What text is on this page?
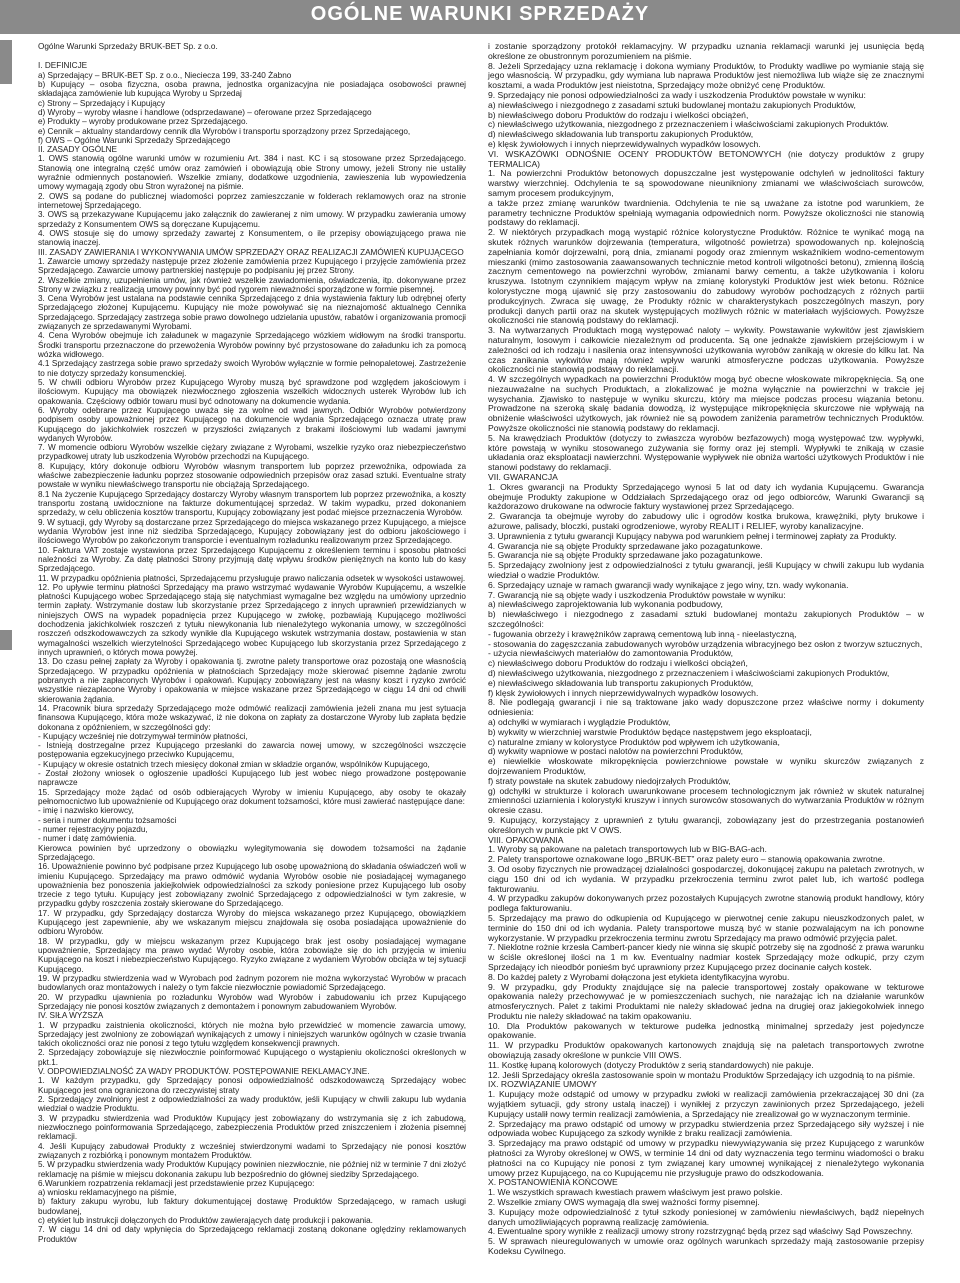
OGÓLNE WARUNKI SPRZEDAŻY

Ogólne Warunki Sprzedaży BRUK-BET Sp. z o.o.

I. DEFINICJE

a) Sprzedający – BRUK-BET Sp. z o.o., Nieciecza 199, 33-240 Żabno

b) Kupujący – osoba fizyczna, osoba prawna, jednostka organizacyjna nie posiadająca osobowości prawnej składająca zamówienie lub kupująca Wyroby u Sprzedaj

c) Strony – Sprzedający i Kupujący

d) Wyroby – wyroby własne i handlowe (odsprzedawane) – oferowane przez Sprzedającego

e) Produkty – wyroby produkowane przez Sprzedającego.

e) Cennik – aktualny standardowy cennik dla Wyrobów i transportu sporządzony przez Sprzedającego,

f) OWS – Ogólne Warunki Sprzedaży Sprzedającego

II. ZASADY OGÓLNE

1. OWS stanowią ogólne warunki umów w rozumieniu Art. 384 i nast. KC i są stosowane przez Sprzedającego. Stanowią one integralną część umów oraz zamówień i obowiązują obie Strony umowy, jeżeli Strony nie ustaliły wyraźnie odmiennych postanowień. Wszelkie zmiany, dodatkowe uzgodnienia, zawieszenia lub wypowiedzenia umowy wymagają zgody obu Stron wyrażonej na piśmie.

2. OWS są podane do publicznej wiadomości poprzez zamieszczanie w folderach reklamowych oraz na stronie internetowej Sprzedającego.

3. OWS są przekazywane Kupującemu jako załącznik do zawieranej z nim umowy. W przypadku zawierania umowy sprzedaży z Konsumentem OWS są doręczane Kupującemu.

4. OWS stosuje się do umowy sprzedaży zawartej z Konsumentem, o ile przepisy obowiązującego prawa nie stanowią inaczej.

III. ZASADY ZAWIERANIA I WYKONYWANIA UMÓW SPRZEDAŻY ORAZ REALIZACJI ZAMÓWIEŃ KUPUJĄCEGO

1. Zawarcie umowy sprzedaży następuje przez złożenie zamówienia przez Kupującego i przyjęcie zamówienia przez Sprzedającego. Zawarcie umowy partnerskiej następuje po podpisaniu jej przez Strony.

2. Wszelkie zmiany, uzupełnienia umów, jak również wszelkie zawiadomienia, oświadczenia, itp. dokonywane przez Strony w związku z realizacją umowy powinny być pod rygorem nieważności sporządzone w formie pisemnej.

3. Cena Wyrobów jest ustalana na podstawie cennika Sprzedającego z dnia wystawienia faktury lub odrębnej oferty Sprzedającego złożonej Kupującemu. Kupujący nie może powoływać się na nieznajomość aktualnego Cennika Sprzedającego. Sprzedający zastrzega sobie prawo dowolnego udzielania upustów, rabatów i organizowania promocji związanych ze sprzedawanymi Wyrobami.

4. Cena Wyrobów obejmuje ich załadunek w magazynie Sprzedającego wózkiem widłowym na środki transportu. Środki transportu przeznaczone do przewożenia Wyrobów powinny być przystosowane do załadunku ich za pomocą wózka widłowego.

4.1 Sprzedający zastrzega sobie prawo sprzedaży swoich Wyrobów wyłącznie w formie pełnopaletowej. Zastrzeżenie to nie dotyczy sprzedaży konsumenckiej.

5. W chwili odbioru Wyrobów przez Kupującego Wyroby muszą być sprawdzone pod względem jakościowym i ilościowym. Kupujący ma obowiązek niezwłocznego zgłoszenia wszelkich widocznych usterek Wyrobów lub ich opakowania. Częściowy odbiór towaru musi być odnotowany na dokumencie wydania.

6. Wyroby odebrane przez Kupującego uważa się za wolne od wad jawnych. Odbiór Wyrobów potwierdzony podpisem osoby upoważnionej przez Kupującego na dokumencie wydania Sprzedającego oznacza utratę praw Kupującego do jakichkolwiek roszczeń w przyszłości związanych z brakami ilościowymi lub wadami jawnymi wydanych Wyrobów.

7. W momencie odbioru Wyrobów wszelkie ciężary związane z Wyrobami, wszelkie ryzyko oraz niebezpieczeństwo przypadkowej utraty lub uszkodzenia Wyrobów przechodzi na Kupującego.

8. Kupujący, który dokonuje odbioru Wyrobów własnym transportem lub poprzez przewoźnika, odpowiada za właściwe zabezpieczenie ładunku poprzez stosowanie odpowiednich przepisów oraz zasad sztuki. Eventualne straty powstałe w wyniku niewłaściwego transportu nie obciążają Sprzedającego.

8.1 Na życzenie Kupującego Sprzedający dostarczy Wyroby własnym transportem lub poprzez przewoźnika, a koszty transportu zostaną uwidocznione na fakturze dokumentującej sprzedaż. W takim wypadku, przed dokonaniem sprzedaży, w celu obliczenia kosztów transportu, Kupujący zobowiązany jest podać miejsce przeznaczenia Wyrobów.

9. W sytuacji, gdy Wyroby są dostarczane przez Sprzedającego do miejsca wskazanego przez Kupującego, a miejsce wydania Wyrobów jest inne niż siedziba Sprzedającego, Kupujący zobowiązany jest do odbioru jakościowego i ilościowego Wyrobów po zakończonym transporcie i eventualnym rozładunku realizowanym przez Sprzedającego.

10. Faktura VAT zostaje wystawiona przez Sprzedającego Kupującemu z określeniem terminu i sposobu płatności należności za Wyroby. Za datę płatności Strony przyjmują datę wpływu środków pieniężnych na konto lub do kasy Sprzedającego.

11. W przypadku opóźnienia płatności, Sprzedającemu przysługuje prawo naliczania odsetek w wysokości ustawowej.

12. Po upływie terminu płatności Sprzedający ma prawo wstrzymać wydawanie Wyrobów Kupującemu, a wszelkie płatności Kupującego wobec Sprzedającego stają się natychmiast wymagalne bez względu na umówiony uprzednio termin zapłaty. Wstrzymanie dostaw lub skorzystanie przez Sprzedającego z innych uprawnień przewidzianych w niniejszych OWS na wypadek popadnięcia przez Kupującego w zwłokę, pozbawiają Kupującego możliwości dochodzenia jakichkolwiek roszczeń z tytułu niewykonania lub nienależytego wykonania umowy, w szczególności roszczeń odszkodowawczych za szkody wynikłe dla Kupującego wskutek wstrzymania dostaw, postawienia w stan wymagalności wszelkich wierzytelności Sprzedającego wobec Kupującego lub skorzystania przez Sprzedającego z innych uprawnień, o których mowa powyżej.

13. Do czasu pełnej zapłaty za Wyroby i opakowania tj. zwrotne palety transportowe oraz pozostają one własnością Sprzedającego. W przypadku opóźnienia w płatnościach Sprzedający może skierować pisemne żądanie zwrotu pobranych a nie zapłaconych Wyrobów i opakowań. Kupujący zobowiązany jest na własny koszt i ryzyko zwrócić wszystkie niezapłacone Wyroby i opakowania w miejsce wskazane przez Sprzedającego w ciągu 14 dni od chwili skierowania żądania.

14. Pracownik biura sprzedaży Sprzedającego może odmówić realizacji zamówienia jeżeli znana mu jest sytuacja finansowa Kupującego, która może wskazywać, iż nie dokona on zapłaty za dostarczone Wyroby lub zapłata będzie dokonana z opóźnieniem, w szczególności gdy:

- Kupujący wcześniej nie dotrzymywał terminów płatności,

- Istnieją dostrzegalne przez Kupującego przesłanki do zawarcia nowej umowy, w szczególności wszczęcie postępowania egzekucyjnego przeciwko Kupującemu,

- Kupujący w okresie ostatnich trzech miesięcy dokonał zmian w składzie organów, wspólników Kupującego,

- Został złożony wniosek o ogłoszenie upadłości Kupującego lub jest wobec niego prowadzone postępowanie naprawcze

15. Sprzedający może żądać od osób odbierających Wyroby w imieniu Kupującego, aby osoby te okazały pełnomocnictwo lub upoważnienie od Kupującego oraz dokument tożsamości, które musi zawierać następujące dane:

- imię i nazwisko kierowcy,

- seria i numer dokumentu tożsamości

- numer rejestracyjny pojazdu,

- numer i datę zamówienia.

Kierowca powinien być uprzedzony o obowiązku wylegitymowania się dowodem tożsamości na żądanie Sprzedającego.

16. Upoważnienie powinno być podpisane przez Kupującego lub osobę upoważnioną do składania oświadczeń woli w imieniu Kupującego. Sprzedający ma prawo odmówić wydania Wyrobów osobie nie posiadającej wymaganego upoważnienia bez ponoszenia jakiejkolwiek odpowiedzialności za szkody poniesione przez Kupującego lub osoby trzecie z tego tytułu. Kupujący jest zobowiązany zwolnić Sprzedającego z odpowiedzialności w tym zakresie, w przypadku gdyby roszczenia zostały skierowane do Sprzedającego.

17. W przypadku, gdy Sprzedający dostarcza Wyroby do miejsca wskazanego przez Kupującego, obowiązkiem Kupującego jest zapewnienie, aby we wskazanym miejscu znajdowała się osoba posiadająca upoważnienie do odbioru Wyrobów.

18. W przypadku, gdy w miejscu wskazanym przez Kupującego brak jest osoby posiadającej wymagane upoważnienie, Sprzedający ma prawo wydać Wyroby osobie, która zobowiąże się do ich przyjęcia w imieniu Kupującego na koszt i niebezpieczeństwo Kupującego. Ryzyko związane z wydaniem Wyrobów obciąża w tej sytuacji Kupującego.

19. W przypadku stwierdzenia wad w Wyrobach pod żadnym pozorem nie można wykorzystać Wyrobów w pracach budowlanych oraz montażowych i należy o tym fakcie niezwłocznie powiadomić Sprzedającego.

20. W przypadku ujawnienia po rozładunku Wyrobów wad Wyrobów i zabudowaniu ich przez Kupującego Sprzedający nie ponosi kosztów związanych z demontażem i ponownym zabudowaniem Wyrobów.

IV. SIŁA WYŻSZA

1. W przypadku zaistnienia okoliczności, których nie można było przewidzieć w momencie zawarcia umowy, Sprzedający jest zwolniony ze zobowiązań wynikających z umowy i niniejszych warunków ogólnych w czasie trwania takich okoliczności oraz nie ponosi z tego tytułu względem konsekwencji prawnych.

2. Sprzedający zobowiązuje się niezwłocznie poinformować Kupującego o wystąpieniu okoliczności określonych w pkt.1.

V. ODPOWIEDZIALNOŚĆ ZA WADY PRODUKTÓW. POSTĘPOWANIE REKLAMACYJNE.

1. W każdym przypadku, gdy Sprzedający ponosi odpowiedzialność odszkodowawczą Sprzedający wobec Kupującego jest ona ograniczona do rzeczywistej straty

2. Sprzedający zwolniony jest z odpowiedzialności za wady produktów, jeśli Kupujący w chwili zakupu lub wydania wiedział o wadzie Produktu.

3. W przypadku stwierdzenia wad Produktów Kupujący jest zobowiązany do wstrzymania się z ich zabudową, niezwłocznego poinformowania Sprzedającego, zabezpieczenia Produktów przed zniszczeniem i złożenia pisemnej reklamacji.

4. Jeśli Kupujący zabudował Produkty z wcześniej stwierdzonymi wadami to Sprzedający nie ponosi kosztów związanych z rozbiórką i ponownym montażem Produktów.

5. W przypadku stwierdzenia wady Produktów Kupujący powinien niezwłocznie, nie później niż w terminie 7 dni złożyć reklamację na piśmie w miejscu dokonania zakupu lub bezpośrednio do głównej siedziby Sprzedającego.

6.Warunkiem rozpatrzenia reklamacji jest przedstawienie przez Kupującego:

a) wniosku reklamacyjnego na piśmie,

b) faktury zakupu wyrobu, lub faktury dokumentującej dostawę Produktów Sprzedającego, w ramach usługi budowlanej,

c) etykiet lub instrukcji dołączonych do Produktów zawierających datę produkcji i pakowania.

7. W ciągu 14 dni od daty wpłynięcia do Sprzedającego reklamacji zostaną dokonane oględziny reklamowanych Produktów

i zostanie sporządzony protokół reklamacyjny. W przypadku uznania reklamacji warunki jej usunięcia będą określone ze obustronnym porozumieniem na piśmie.

8. Jeżeli Sprzedający uzna reklamację i dokona wymiany Produktów, to Produkty wadliwe po wymianie stają się jego własnością. W przypadku, gdy wymiana lub naprawa Produktów jest niemożliwa lub wiąże się ze znacznymi kosztami, a wada Produktów jest nieistotna, Sprzedający może obniżyć cenę Produktów.

9. Sprzedający nie ponosi odpowiedzialności za wady i uszkodzenia Produktów powstałe w wyniku:

a) niewłaściwego i niezgodnego z zasadami sztuki budowlanej montażu zakupionych Produktów,

b) niewłaściwego doboru Produktów do rodzaju i wielkości obciążeń,

c) niewłaściwego użytkowania, niezgodnego z przeznaczeniem i właściwościami zakupionych Produktów.

d) niewłaściwego składowania lub transportu zakupionych Produktów,

e) klęsk żywiołowych i innych nieprzewidywalnych wypadków losowych.

VI. WSKAZÓWKI ODNOŚNIE OCENY PRODUKTÓW BETONOWYCH (nie dotyczy produktów z grupy TERMALICA)

1. Na powierzchni Produktów betonowych dopuszczalne jest występowanie odchyleń w jednolitości faktury warstwy wierzchniej. Odchylenia te są spowodowane nieunikniony zmianami we właściwościach surowców, samym procesem produkcyjnym,

a także przez zmianę warunków twardnienia. Odchylenia te nie są uważane za istotne pod warunkiem, że parametry techniczne Produktów spełniają wymagania odpowiednich norm. Powyższe okoliczności nie stanowią podstawy do reklamacji.

2. W niektórych przypadkach mogą wystąpić różnice kolorystyczne Produktów. Różnice te wynikać mogą na skutek różnych warunków dojrzewania (temperatura, wilgotność powietrza) spowodowanych np. kolejnością zapełniania komór dojrzewalni, porą dnia, zmianami pogody oraz zmiennym wskaźnikiem wodno-cementowym mieszanki (mimo zastosowania zaawansowanych technicznie metod kontroli wilgotności betonu), zmienną ilością zacznym cementowego na powierzchni wyrobów, zmianami barwy cementu, a także użytkowania i koloru kruszywa. Istotnym czynnikiem mającym wpływ na zmianę kolorystyki Produktów jest wiek betonu. Różnice kolorystyczne mogą ujawnić się przy zastosowaniu do zabudowy wyrobów pochodzących z różnych partii produkcyjnych. Zwraca się uwagę, że Produkty różnic w charakterystykach poszczególnych maszyn, pory produkcji danych partii oraz na skutek występujących możliwych różnic w materiałach wyjściowych. Powyższe okoliczności nie stanowią podstawy do reklamacji.

3. Na wytwarzanych Produktach mogą występować naloty – wykwity. Powstawanie wykwitów jest zjawiskiem naturalnym, losowym i całkowicie niezależnym od producenta. Są one jednakże zjawiskiem przejściowym i w zależności od ich rodzaju i nasilenia oraz intensywności użytkowania wyrobów zanikają w okresie do kilku lat. Na czas zanikania wykwitów mają również wpływ warunki atmosferyczne podczas użytkowania. Powyższe okoliczności nie stanowią podstawy do reklamacji.

4. W szczególnych wypadkach na powierzchni Produktów mogą być obecne włoskowate mikropęknięcia. Są one niezauważalne na suchych Produktach, a zlokalizować je można wyłącznie na powierzchni w trakcie jej wysychania. Zjawisko to następuje w wyniku skurczu, który ma miejsce podczas procesu wiązania betonu. Prowadzone na szeroką skalę badania dowodzą, iż występujące mikropęknięcia skurczowe nie wpływają na obniżenie właściwości użytkowych, jak również nie są powodem zaniżenia parametrów technicznych Produktów. Powyższe okoliczności nie stanowią podstawy do reklamacji.

5. Na krawędziach Produktów (dotyczy to zwłaszcza wyrobów bezfazowych) mogą występować tzw. wypływki, które powstają w wyniku stosowanego zużywania się formy oraz jej stempli. Wypływki te znikają w czasie układania oraz eksploatacji nawierzchni. Występowanie wypływek nie obniża wartości użytkowych Produktów i nie stanowi podstawy do reklamacji.

VII. GWARANCJA

1. Okres gwarancji na Produkty Sprzedającego wynosi 5 lat od daty ich wydania Kupującemu. Gwarancja obejmuje Produkty zakupione w Oddziałach Sprzedającego oraz od jego odbiorców, Warunki Gwarancji są każdorazowo drukowane na odwrocie faktury wystawionej przez Sprzedającego.

2. Gwarancja ta obejmuje wyroby do zabudowy ulic i ogrodów kostka brukowa, krawężniki, płyty brukowe i ażurowe, palisady, bloczki, pustaki ogrodzeniowe, wyroby REALIT i RELIEF, wyroby kanalizacyjne.

3. Uprawnienia z tytułu gwarancji Kupujący nabywa pod warunkiem pełnej i terminowej zapłaty za Produkty.

4. Gwarancja nie są objęte Produkty sprzedawane jako pozagatunkowe.

5. Gwarancja nie są objęte Produkty sprzedawane jako pozagatunkowe.

5. Sprzedający zwolniony jest z odpowiedzialności z tytułu gwarancji, jeśli Kupujący w chwili zakupu lub wydania wiedział o wadzie Produktów.

6. Sprzedający uznaje w ramach gwarancji wady wynikające z jego winy, tzn. wady wykonania.

7. Gwarancją nie są objęte wady i uszkodzenia Produktów powstałe w wyniku:

a) niewłaściwego zaprojektowania lub wykonania podbudowy,

b) niewłaściwego i niezgodnego z zasadami sztuki budowlanej montażu zakupionych Produktów – w szczególności:

- fugowania obrzeży i krawężników zaprawą cementową lub inną - nieelastyczną,

- stosowania do zagęszczania zabudowanych wyrobów urządzenia wibracyjnego bez osłon z tworzyw sztucznych,

- użycia niewłaściwych materiałów do zamontowania Produktów,

c) niewłaściwego doboru Produktów do rodzaju i wielkości obciążeń,

d) niewłaściwego użytkowania, niezgodnego z przeznaczeniem i właściwościami zakupionych Produktów,

e) niewłaściwego składowania lub transportu zakupionych Produktów,

f) klęsk żywiołowych i innych nieprzewidywalnych wypadków losowych.

8. Nie podlegają gwarancji i nie są traktowane jako wady dopuszczone przez właściwe normy i dokumenty odniesienia:

a) odchyłki w wymiarach i wyglądzie Produktów,

b) wykwity w wierzchniej warstwie Produktów będące następstwem jego eksploatacji,

c) naturalne zmiany w kolorystyce Produktów pod wpływem ich użytkowania,

d) wykwity wapniowe w postaci nalotów na powierzchni Produktów,

e) niewielkie włoskowate mikropęknięcia powierzchniowe powstałe w wyniku skurczów związanych z dojrzewaniem Produktów,

f) straty powstałe na skutek zabudowy niedojrzałych Produktów,

g) odchyłki w strukturze i kolorach uwarunkowane procesem technologicznym jak również w skutek naturalnej zmienności uziarnienia i kolorystyki kruszyw i innych surowców stosowanych do wytwarzania Produktów w różnym okresie czasu.

9. Kupujący, korzystający z uprawnień z tytułu gwarancji, zobowiązany jest do przestrzegania postanowień określonych w punkcie pkt V OWS.

VIII. OPAKOWANIA

1. Wyroby są pakowane na paletach transportowych lub w BIG-BAG-ach.

2. Palety transportowe oznakowane logo „BRUK-BET” oraz palety euro – stanowią opakowania zwrotne.

3. Od osoby fizycznych nie prowadzącej działalności gospodarczej, dokonującej zakupu na paletach zwrotnych, w ciągu 150 dni od ich wydania. W przypadku przekroczenia terminu zwrot palet lub, ich wartość podlega fakturowaniu.

4. W przypadku zakupów dokonywanych przez pozostałych Kupujących zwrotne stanowią produkt handlowy, który podlega fakturowaniu.

5. Sprzedający ma prawo do odkupienia od Kupującego w pierwotnej cenie zakupu nieuszkodzonych palet, w terminie do 150 dni od ich wydania. Palety transportowe muszą być w stanie pozwalającym na ich ponowne wykorzystanie. W przypadku przekroczenia terminu zwrotu Sprzedający ma prawo odmówić przyjęcia palet.

7. Nieklotne rożnie krzesła Cambert-pancer kiedy nie winna się skupić potrzeby się na zgodność z prawa warunku w ściśle określonej ilości na 1 m kw. Eventualny nadmiar kostek Sprzedający może odkupić, przy czym Sprzedający ich nieodbór ponieśm być uprawniony przez Kupującego przez docinanie całych kostek.

8. Do każdej palety z Wyrobami dołączona jest etykieta identyfikacyjna wyrobu.

9. W przypadku, gdy Produkty znajdujące się na palecie transportowej zostały opakowane w tekturowe opakowania należy przechowywać je w pomieszczeniach suchych, nie narażając ich na działanie warunków atmosferycznych. Palet z takimi Produktami nie należy składować jedna na drugiej oraz jakiegokolwiek innego Produktu nie należy składować na takim opakowaniu.

10. Dla Produktów pakowanych w tekturowe pudełka jednostką minimalnej sprzedaży jest pojedyncze opakowanie.

11. W przypadku Produktów opakowanych kartonowych znajdują się na paletach transportowych zwrotne obowiązują zasady określone w punkcie VIII OWS.

11. Kostkę łupaną kolorowych (dotyczy Produktów z serią standardowych) nie pakuje.

12. Jeśli Sprzedający określa zastosowanie spoin w montażu Produktów Sprzedający ich uzgodnią to na piśmie.

IX. ROZWIĄZANIE UMOWY

1. Kupujący może odstąpić od umowy w przypadku zwłoki w realizacji zamówienia przekraczającej 30 dni (za wyjątkiem sytuacji, gdy strony ustalą inaczej) i wynikłej z przyczyn zawinionych przez Sprzedającego, jeżeli Kupujący ustalił nowy termin realizacji zamówienia, a Sprzedający nie zrealizował go w wyznaczonym terminie.

2. Sprzedający ma prawo odstąpić od umowy w przypadku stwierdzenia przez Sprzedającego siły wyższej i nie odpowiada wobec Kupującego za szkody wynikłe z braku realizacji zamówienia.

3. Sprzedający ma prawo odstąpić od umowy w przypadku niewywiązywania się przez Kupującego z warunków płatności za Wyroby określonej w OWS, w terminie 14 dni od daty wyznaczenia tego terminu wiadomości o braku płatności na co Kupujący nie ponosi z tym związanej kary umownej wynikającej z nienależytego wykonania umowy przez Kupującego, na co Kupującemu nie przysługuje prawo do odszkodowania.

X. POSTANOWIENIA KOŃCOWE

1. We wszystkich sprawach kwestiach prawem właściwym jest prawo polskie.

2. Wszelkie zmiany OWS wymagają dla swej ważności formy pisemnej.

3. Kupujący może odpowiedzialność z tytuł szkody poniesionej w zamówieniu niewłaściwych, bądź niepełnych danych umożliwiających poprawną realizację zamówienia.

4. Ewentualne spory wynikłe z realizacji umowy strony rozstrzygnąć będą przez sąd właściwy Sąd Powszechny.

5. W sprawach nieuregulowanych w umowie oraz ogólnych warunkach sprzedaży mają zastosowanie przepisy Kodeksu Cywilnego.
